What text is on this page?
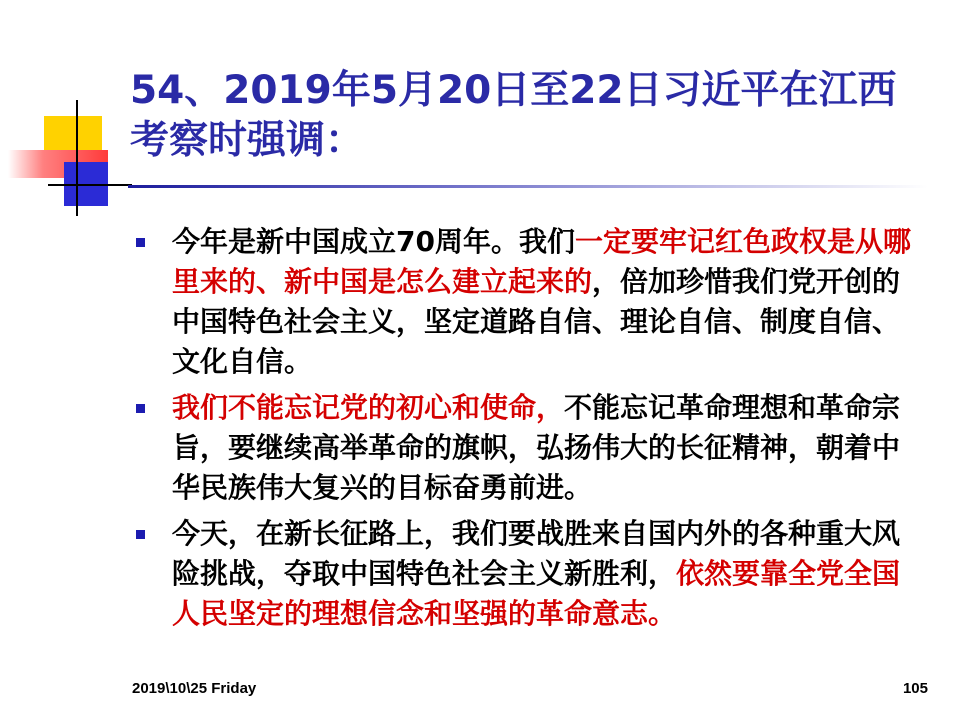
54、2019年5月20日至22日习近平在江西考察时强调：
今年是新中国成立70周年。我们一定要牢记红色政权是从哪里来的、新中国是怎么建立起来的，倍加珍惜我们党开创的中国特色社会主义，坚定道路自信、理论自信、制度自信、文化自信。
我们不能忘记党的初心和使命，不能忘记革命理想和革命宗旨，要继续高举革命的旗帜，弘扬伟大的长征精神，朝着中华民族伟大复兴的目标奋勇前进。
今天，在新长征路上，我们要战胜来自国内外的各种重大风险挑战，夺取中国特色社会主义新胜利，依然要靠全党全国人民坚定的理想信念和坚强的革命意志。
2019\10\25 Friday	105
